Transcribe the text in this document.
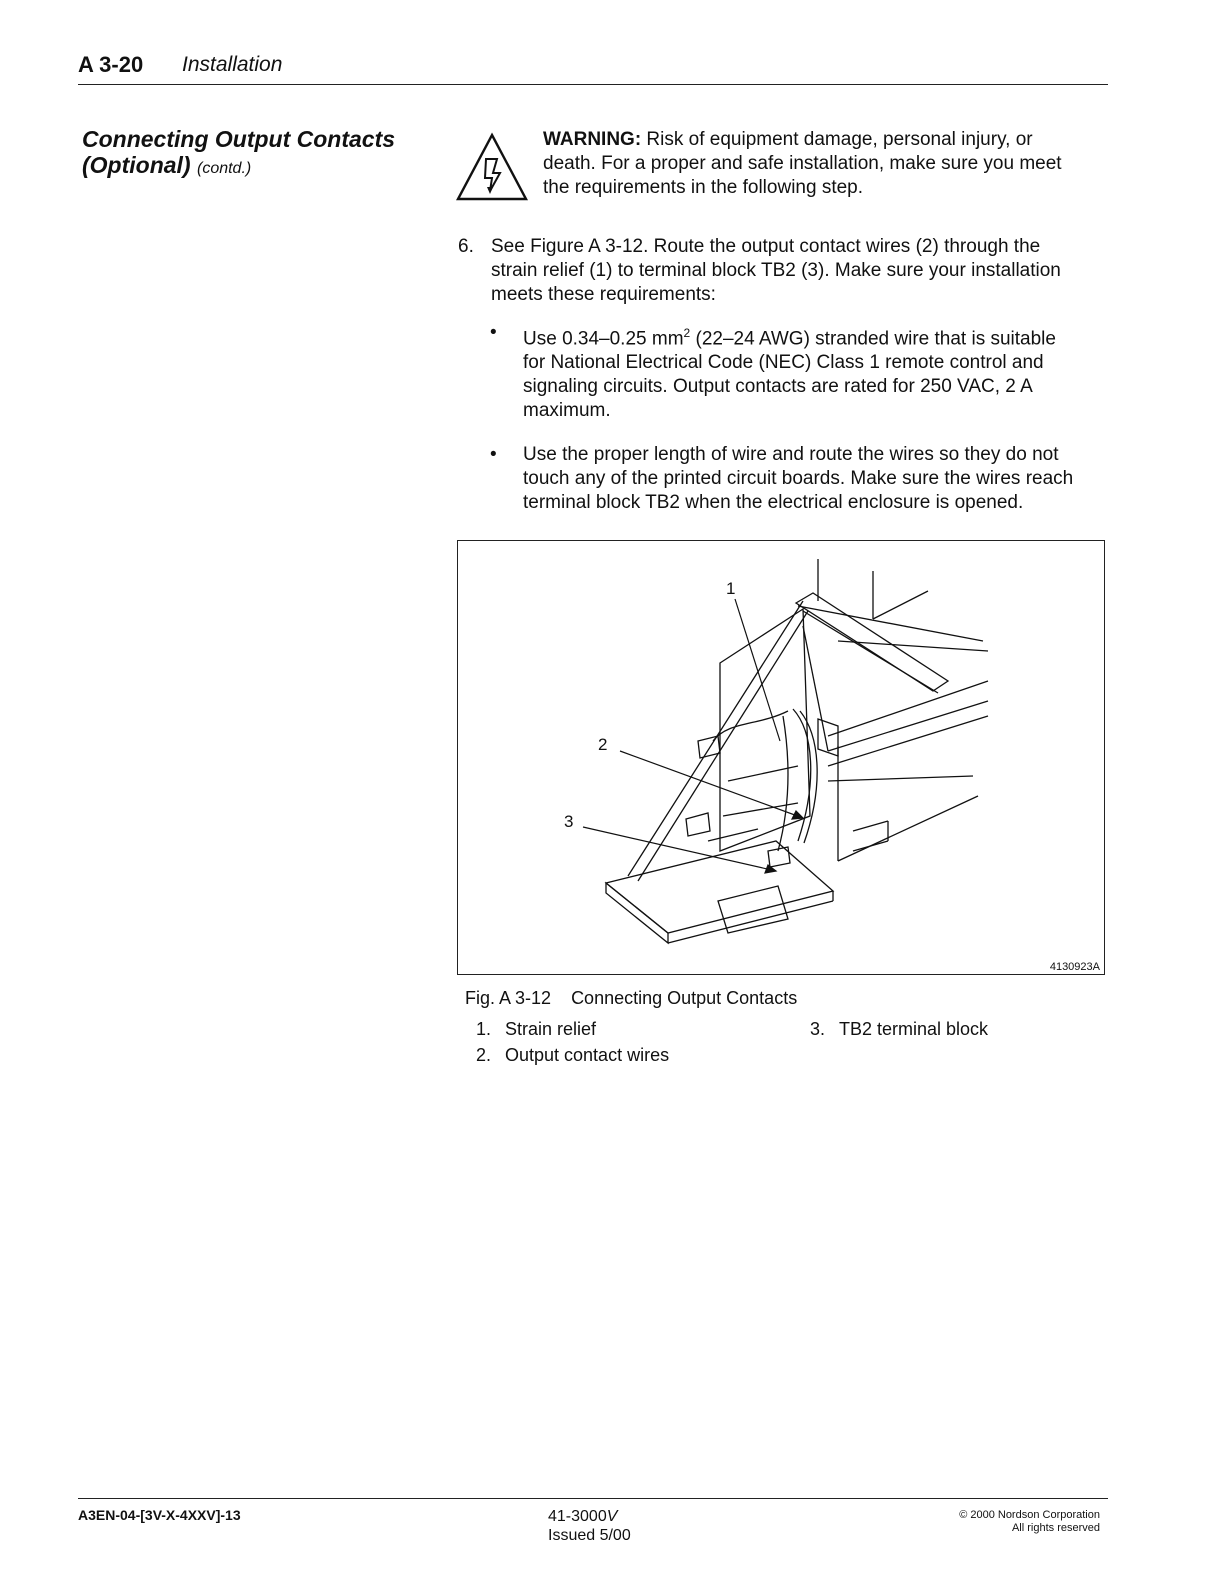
A 3-20 Installation
Connecting Output Contacts
(Optional) (contd.)
WARNING: Risk of equipment damage, personal injury, or
death. For a proper and safe installation, make sure you meet
the requirements in the following step.
6. See Figure A 3-12. Route the output contact wires (2) through the
strain relief (1) to terminal block TB2 (3). Make sure your installation
meets these requirements:
• Use 0.34–0.25 $mm^2$ (22–24 AWG) stranded wire that is suitable
for National Electrical Code (NEC) Class 1 remote control and
signaling circuits. Output contacts are rated for 250 VAC, 2 A
maximum.
• Use the proper length of wire and route the wires so they do not
touch any of the printed circuit boards. Make sure the wires reach
terminal block TB2 when the electrical enclosure is opened.
1
2
3
4130923A
Fig. A 3-12 Connecting Output Contacts
1. Strain relief
2. Output contact wires
3. TB2 terminal block
A3EN-04-[3V-X-4XXV]-13	41-3000V
Issued 5/00
© 2000 Nordson Corporation
All rights reserved
